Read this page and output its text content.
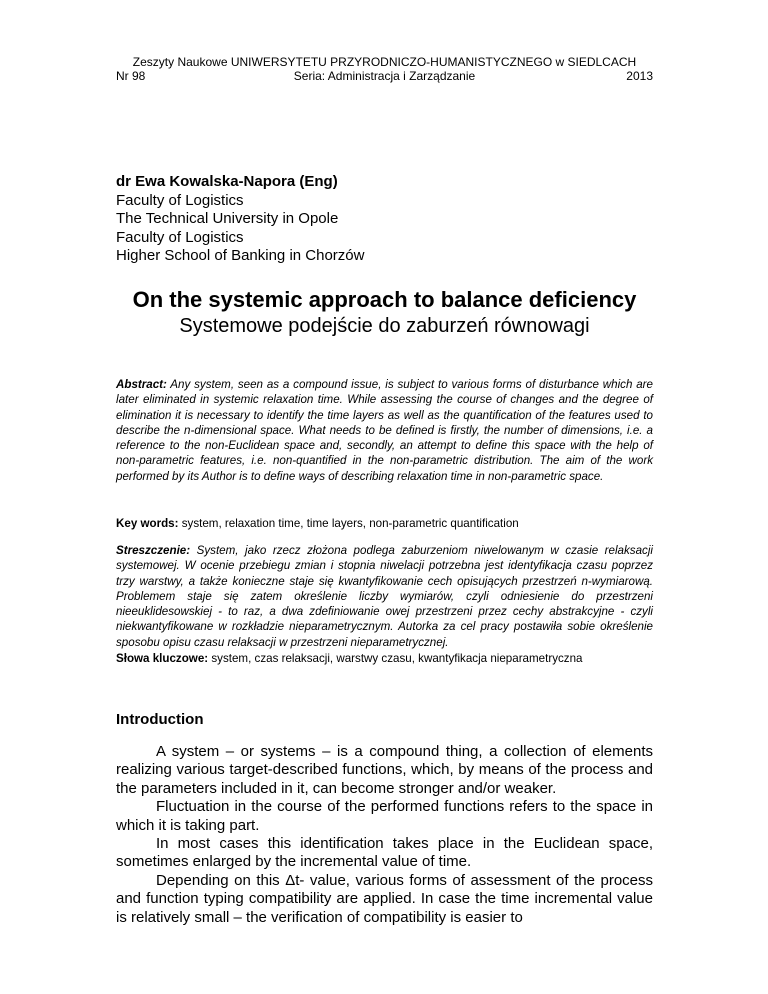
Zeszyty Naukowe UNIWERSYTETU PRZYRODNICZO-HUMANISTYCZNEGO w SIEDLCACH
Nr 98	Seria: Administracja i Zarządzanie	2013
dr Ewa Kowalska-Napora (Eng)
Faculty of Logistics
The Technical University in Opole
Faculty of Logistics
Higher School of Banking in Chorzów
On the systemic approach to balance deficiency
Systemowe podejście do zaburzeń równowagi
Abstract: Any system, seen as a compound issue, is subject to various forms of disturbance which are later eliminated in systemic relaxation time. While assessing the course of changes and the degree of elimination it is necessary to identify the time layers as well as the quantification of the features used to describe the n-dimensional space. What needs to be defined is firstly, the number of dimensions, i.e. a reference to the non-Euclidean space and, secondly, an attempt to define this space with the help of non-parametric features, i.e. non-quantified in the non-parametric distribution. The aim of the work performed by its Author is to define ways of describing relaxation time in non-parametric space.
Key words: system, relaxation time, time layers, non-parametric quantification
Streszczenie: System, jako rzecz złożona podlega zaburzeniom niwelowanym w czasie relaksacji systemowej. W ocenie przebiegu zmian i stopnia niwelacji potrzebna jest identyfikacja czasu poprzez trzy warstwy, a także konieczne staje się kwantyfikowanie cech opisujących przestrzeń n-wymiarową. Problemem staje się zatem określenie liczby wymiarów, czyli odniesienie do przestrzeni nieeuklidesowskiej - to raz, a dwa zdefiniowanie owej przestrzeni przez cechy abstrakcyjne - czyli niekwantyfikowane w rozkładzie nieparametrycznym. Autorka za cel pracy postawiła sobie określenie sposobu opisu czasu relaksacji w przestrzeni nieparametrycznej.
Słowa kluczowe: system, czas relaksacji, warstwy czasu, kwantyfikacja nieparametryczna
Introduction

A system – or systems – is a compound thing, a collection of elements realizing various target-described functions, which, by means of the process and the parameters included in it, can become stronger and/or weaker.

Fluctuation in the course of the performed functions refers to the space in which it is taking part.

In most cases this identification takes place in the Euclidean space, sometimes enlarged by the incremental value of time.

Depending on this Δt- value, various forms of assessment of the process and function typing compatibility are applied. In case the time incremental value is relatively small – the verification of compatibility is easier to
